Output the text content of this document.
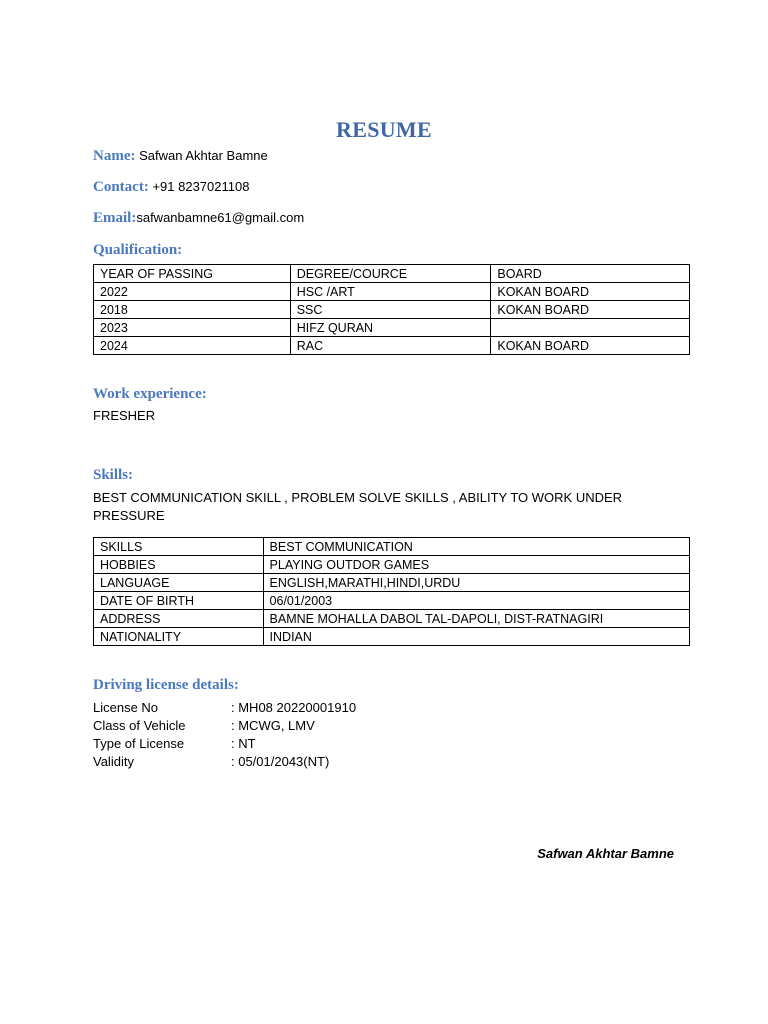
RESUME
Name: Safwan Akhtar Bamne
Contact: +91 8237021108
Email:safwanbamne61@gmail.com
Qualification:
YEAR OF PASSING	DEGREE/COURCE	BOARD
2022	HSC /ART	KOKAN BOARD
2018	SSC	KOKAN BOARD
2023	HIFZ QURAN	
2024	RAC	KOKAN BOARD
Work experience:
FRESHER
Skills:
BEST COMMUNICATION SKILL , PROBLEM SOLVE SKILLS , ABILITY TO WORK UNDER
PRESSURE
SKILLS	BEST COMMUNICATION
HOBBIES	PLAYING OUTDOR GAMES
LANGUAGE	ENGLISH,MARATHI,HINDI,URDU
DATE OF BIRTH	06/01/2003
ADDRESS	BAMNE MOHALLA DABOL TAL-DAPOLI, DIST-RATNAGIRI
NATIONALITY	INDIAN
Driving license details:
License No	: MH08 20220001910
Class of Vehicle	: MCWG, LMV
Type of License	: NT
Validity	: 05/01/2043(NT)
Safwan Akhtar Bamne
